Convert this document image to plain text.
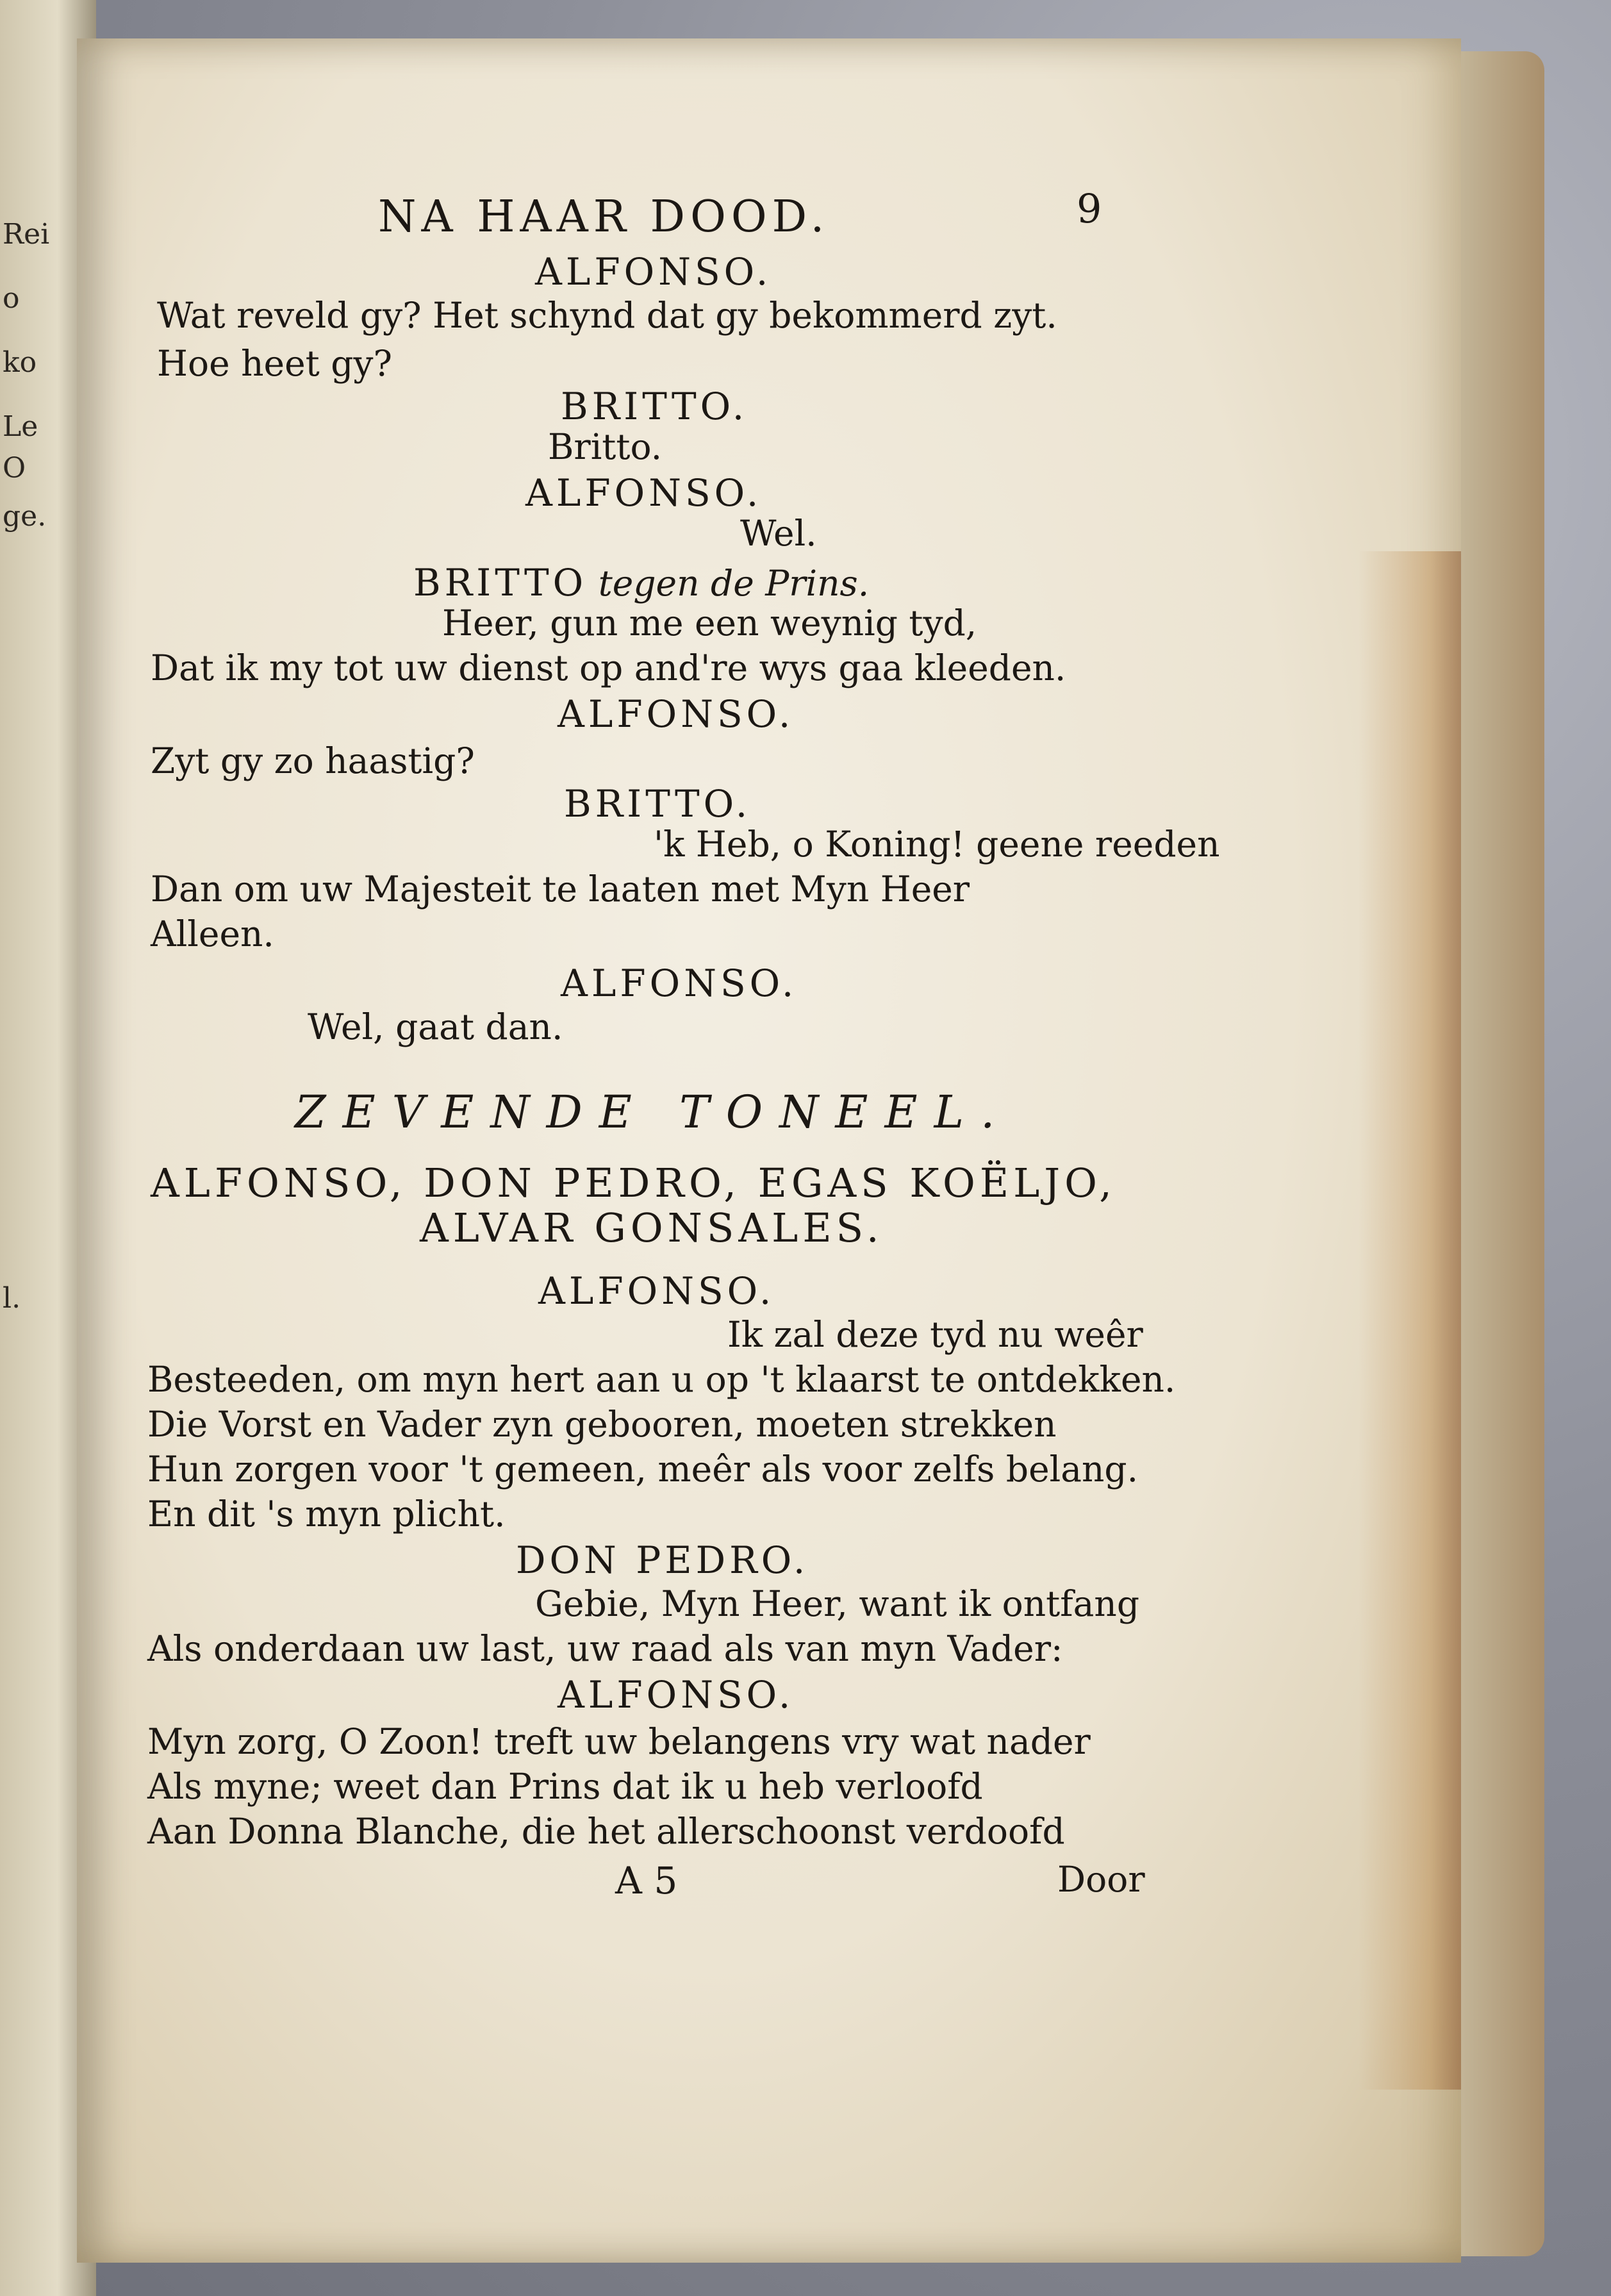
Rei
o
ko
Le
O
ge.
l.
NA HAAR DOOD.	9
ALFONSO.
Wat reveld gy? Het schynd dat gy bekommerd zyt.
Hoe heet gy?
BRITTO.
Britto.
ALFONSO.
Wel.
BRITTO tegen de Prins.
Heer, gun me een weynig tyd,
Dat ik my tot uw dienst op and're wys gaa kleeden.
ALFONSO.
Zyt gy zo haastig?
BRITTO.
'k Heb, o Koning! geene reeden
Dan om uw Majesteit te laaten met Myn Heer
Alleen.
ALFONSO.
Wel, gaat dan.
ZEVENDE TONEEL.
ALFONSO, DON PEDRO, EGAS KOËLJO,
ALVAR GONSALES.
ALFONSO.
Ik zal deze tyd nu weêr
Besteeden, om myn hert aan u op 't klaarst te ontdekken.
Die Vorst en Vader zyn gebooren, moeten strekken
Hun zorgen voor 't gemeen, meêr als voor zelfs belang.
En dit 's myn plicht.
DON PEDRO.
Gebie, Myn Heer, want ik ontfang
Als onderdaan uw last, uw raad als van myn Vader:
ALFONSO.
Myn zorg, O Zoon! treft uw belangens vry wat nader
Als myne; weet dan Prins dat ik u heb verloofd
Aan Donna Blanche, die het allerschoonst verdoofd
A 5	Door
